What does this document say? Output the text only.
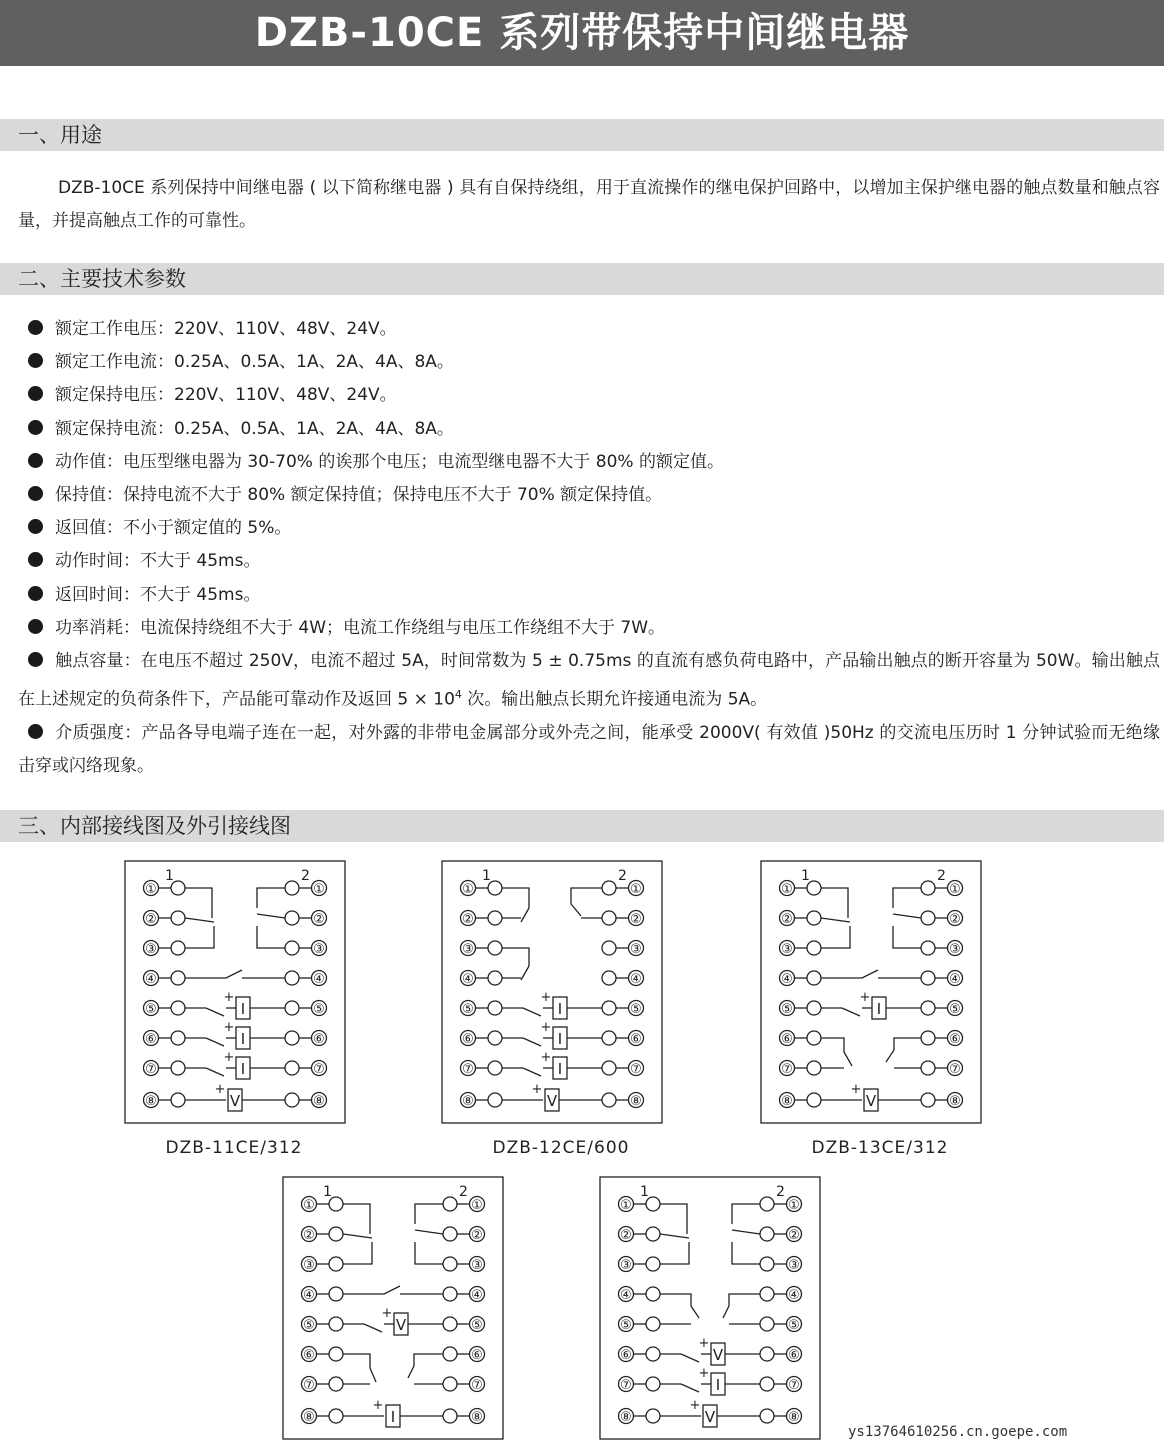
DZB-10CE 系列带保持中间继电器
一、用途
DZB-10CE 系列保持中间继电器 ( 以下简称继电器 ) 具有自保持绕组，用于直流操作的继电保护回路中，以增加主保护继电器的触点数量和触点容量，并提高触点工作的可靠性。
二、主要技术参数
额定工作电压：220V、110V、48V、24V。
额定工作电流：0.25A、0.5A、1A、2A、4A、8A。
额定保持电压：220V、110V、48V、24V。
额定保持电流：0.25A、0.5A、1A、2A、4A、8A。
动作值：电压型继电器为 30-70% 的诶那个电压；电流型继电器不大于 80% 的额定值。
保持值：保持电流不大于 80% 额定保持值；保持电压不大于 70% 额定保持值。
返回值：不小于额定值的 5%。
动作时间：不大于 45ms。
返回时间：不大于 45ms。
功率消耗：电流保持绕组不大于 4W；电流工作绕组与电压工作绕组不大于 7W。
触点容量：在电压不超过 250V，电流不超过 5A，时间常数为 5 ± 0.75ms 的直流有感负荷电路中，产品输出触点的断开容量为 50W。输出触点在上述规定的负荷条件下，产品能可靠动作及返回 $5 \times 10^4$ 次。输出触点长期允许接通电流为 5A。
介质强度：产品各导电端子连在一起，对外露的非带电金属部分或外壳之间，能承受 2000V( 有效值 )50Hz 的交流电压历时 1 分钟试验而无绝缘击穿或闪络现象。
三、内部接线图及外引接线图
1	2
①	①
②	②
③	③
④	④
⑤	⑤
⑥	⑥
⑦	⑦
⑧	⑧
I
+
I
+
I
+
V
+
1	2
①	①
②	②
③	③
④	④
⑤	⑤
⑥	⑥
⑦	⑦
⑧	⑧
I
+
I
+
I
+
V
+
1	2
①	①
②	②
③	③
④	④
⑤	⑤
⑥	⑥
⑦	⑦
⑧	⑧
I
+
V
+
1	2
①	①
②	②
③	③
④	④
⑤	⑤
⑥	⑥
⑦	⑦
⑧	⑧
V
+
I
+
1	2
①	①
②	②
③	③
④	④
⑤	⑤
⑥	⑥
⑦	⑦
⑧	⑧
V
+
I
+
V
+
DZB-11CE/312	DZB-12CE/600	DZB-13CE/312
ys13764610256.cn.goepe.com
